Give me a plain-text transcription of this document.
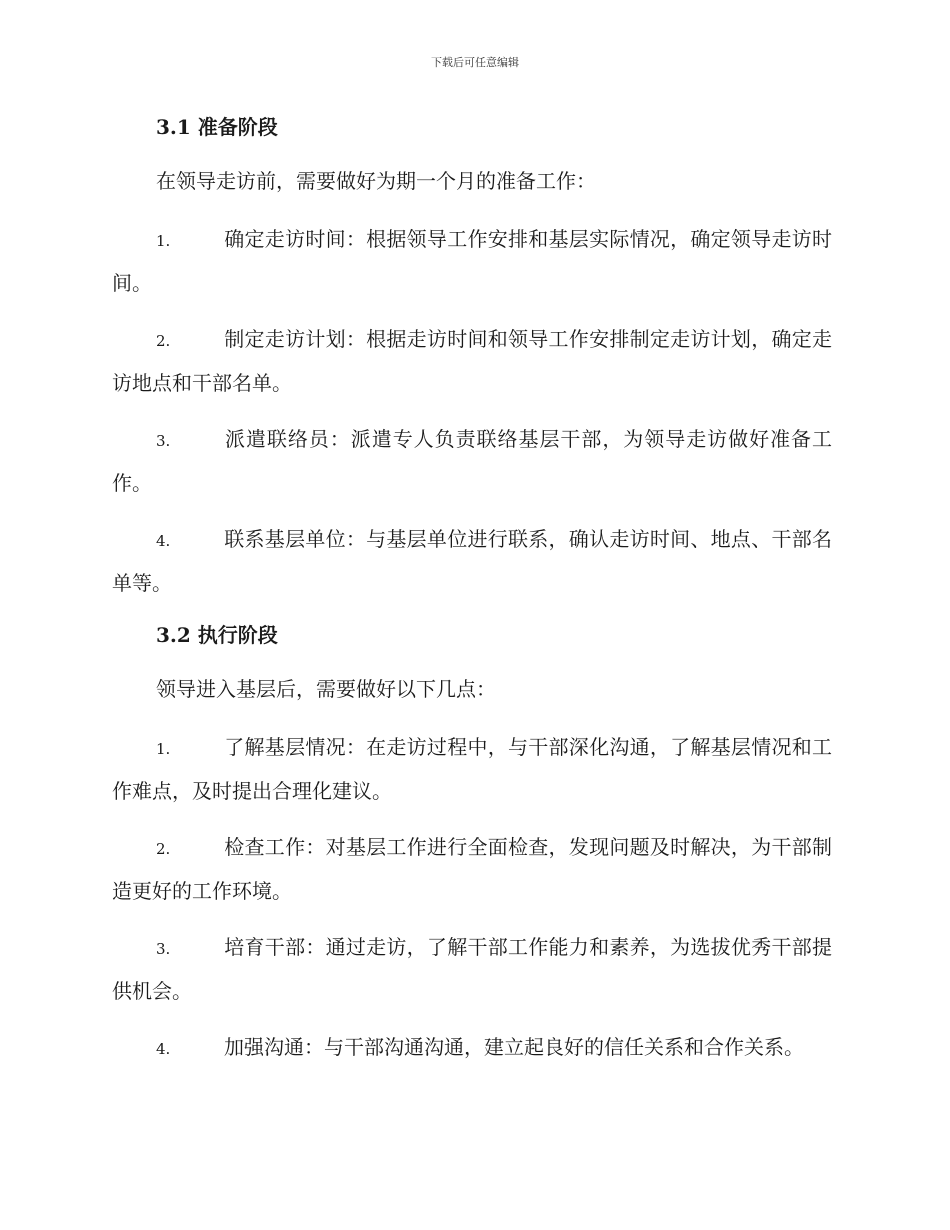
下载后可任意编辑
3.1 准备阶段
在领导走访前，需要做好为期一个月的准备工作：
1.	确定走访时间：根据领导工作安排和基层实际情况，确定领导走访时间。
2.	制定走访计划：根据走访时间和领导工作安排制定走访计划，确定走访地点和干部名单。
3.	派遣联络员：派遣专人负责联络基层干部，为领导走访做好准备工作。
4.	联系基层单位：与基层单位进行联系，确认走访时间、地点、干部名单等。
3.2 执行阶段
领导进入基层后，需要做好以下几点：
1.	了解基层情况：在走访过程中，与干部深化沟通，了解基层情况和工作难点，及时提出合理化建议。
2.	检查工作：对基层工作进行全面检查，发现问题及时解决，为干部制造更好的工作环境。
3.	培育干部：通过走访，了解干部工作能力和素养，为选拔优秀干部提供机会。
4.	加强沟通：与干部沟通沟通，建立起良好的信任关系和合作关系。
